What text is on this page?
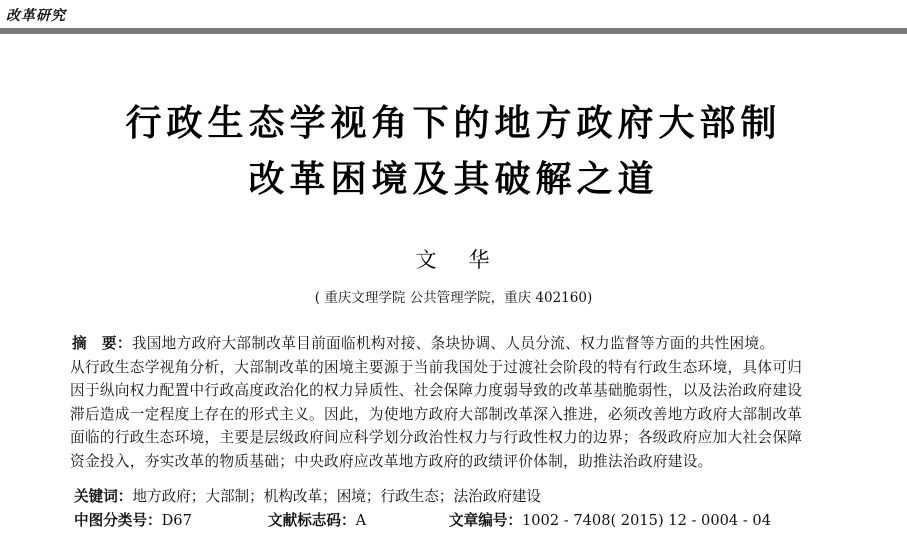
改革研究
行政生态学视角下的地方政府大部制
改革困境及其破解之道
文 华
( 重庆文理学院 公共管理学院，重庆 402160)
摘　要：我国地方政府大部制改革目前面临机构对接、条块协调、人员分流、权力监督等方面的共性困境。
从行政生态学视角分析，大部制改革的困境主要源于当前我国处于过渡社会阶段的特有行政生态环境，具体可归
因于纵向权力配置中行政高度政治化的权力异质性、社会保障力度弱导致的改革基础脆弱性，以及法治政府建设
滞后造成一定程度上存在的形式主义。因此，为使地方政府大部制改革深入推进，必须改善地方政府大部制改革
面临的行政生态环境，主要是层级政府间应科学划分政治性权力与行政性权力的边界；各级政府应加大社会保障
资金投入，夯实改革的物质基础；中央政府应改革地方政府的政绩评价体制，助推法治政府建设。
关键词：地方政府；大部制；机构改革；困境；行政生态；法治政府建设
中图分类号：D67	文献标志码：A	文章编号：1002 - 7408( 2015) 12 - 0004 - 04
